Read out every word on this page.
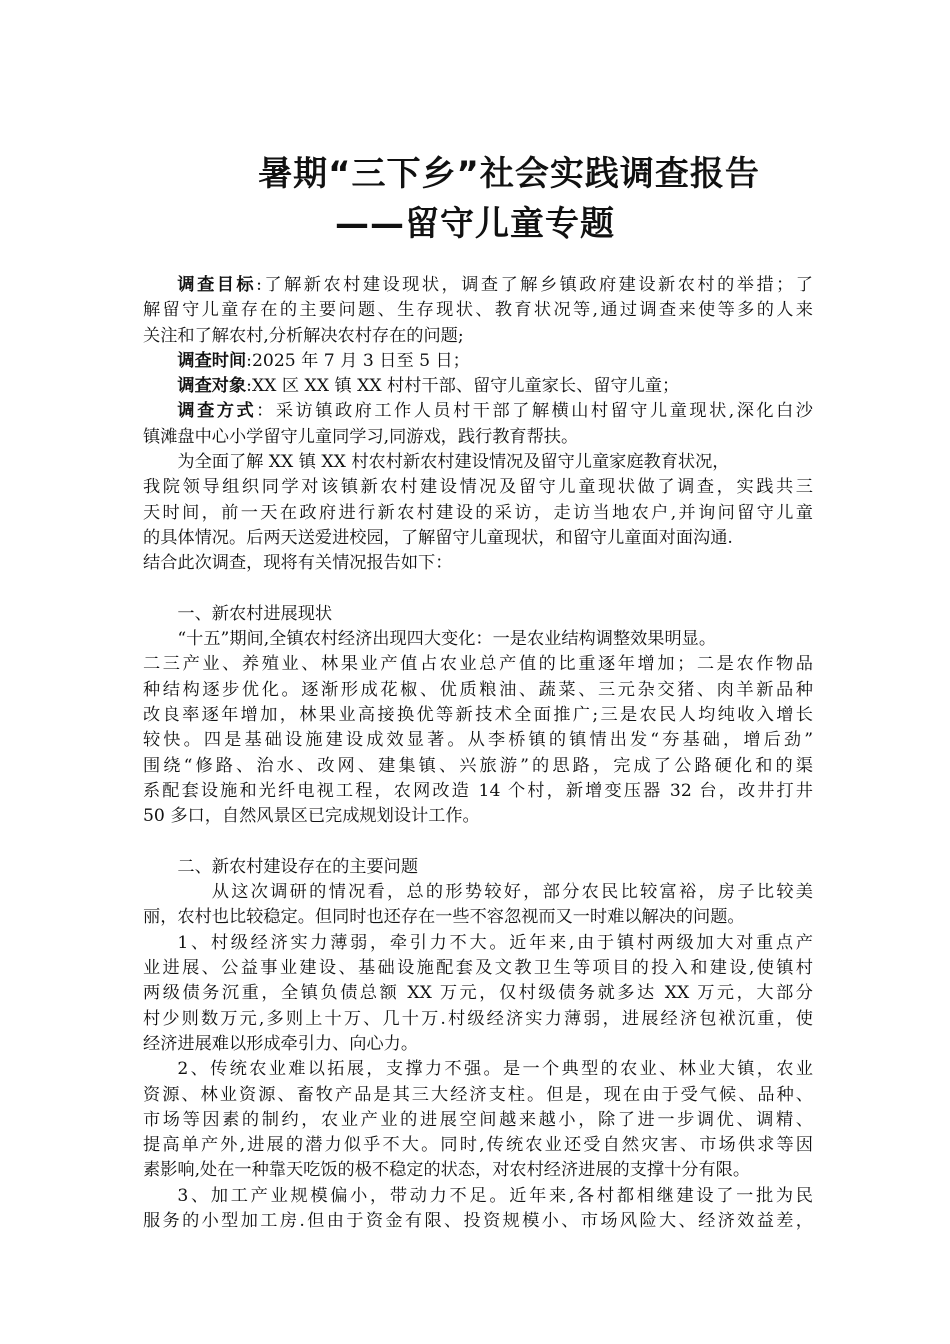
暑期“三下乡”社会实践调查报告
——留守儿童专题
调查目标:了解新农村建设现状，调查了解乡镇政府建设新农村的举措；了
解留守儿童存在的主要问题、生存现状、教育状况等,通过调查来使等多的人来
关注和了解农村,分析解决农村存在的问题;
调查时间:2025 年 7 月 3 日至 5 日；
调查对象:XX 区 XX 镇 XX 村村干部、留守儿童家长、留守儿童；
调查方式：采访镇政府工作人员村干部了解横山村留守儿童现状,深化白沙
镇滩盘中心小学留守儿童同学习,同游戏，践行教育帮扶。
为全面了解 XX 镇 XX 村农村新农村建设情况及留守儿童家庭教育状况，
我院领导组织同学对该镇新农村建设情况及留守儿童现状做了调查，实践共三
天时间，前一天在政府进行新农村建设的采访，走访当地农户,并询问留守儿童
的具体情况。后两天送爱进校园，了解留守儿童现状，和留守儿童面对面沟通.
结合此次调查，现将有关情况报告如下：
一、新农村进展现状
“十五”期间,全镇农村经济出现四大变化：一是农业结构调整效果明显。
二三产业、养殖业、林果业产值占农业总产值的比重逐年增加；二是农作物品
种结构逐步优化。逐渐形成花椒、优质粮油、蔬菜、三元杂交猪、肉羊新品种
改良率逐年增加，林果业高接换优等新技术全面推广;三是农民人均纯收入增长
较快。四是基础设施建设成效显著。从李桥镇的镇情出发“夯基础，增后劲”
围绕“修路、治水、改网、建集镇、兴旅游”的思路，完成了公路硬化和的渠
系配套设施和光纤电视工程，农网改造 14 个村，新增变压器 32 台，改井打井
50 多口，自然风景区已完成规划设计工作。
二、新农村建设存在的主要问题
从这次调研的情况看，总的形势较好，部分农民比较富裕，房子比较美
丽，农村也比较稳定。但同时也还存在一些不容忽视而又一时难以解决的问题。
1、村级经济实力薄弱，牵引力不大。近年来,由于镇村两级加大对重点产
业进展、公益事业建设、基础设施配套及文教卫生等项目的投入和建设,使镇村
两级债务沉重，全镇负债总额 XX 万元，仅村级债务就多达 XX 万元，大部分
村少则数万元,多则上十万、几十万.村级经济实力薄弱，进展经济包袱沉重，使
经济进展难以形成牵引力、向心力。
2、传统农业难以拓展，支撑力不强。是一个典型的农业、林业大镇，农业
资源、林业资源、畜牧产品是其三大经济支柱。但是，现在由于受气候、品种、
市场等因素的制约，农业产业的进展空间越来越小，除了进一步调优、调精、
提高单产外,进展的潜力似乎不大。同时,传统农业还受自然灾害、市场供求等因
素影响,处在一种靠天吃饭的极不稳定的状态，对农村经济进展的支撑十分有限。
3、加工产业规模偏小，带动力不足。近年来,各村都相继建设了一批为民
服务的小型加工房.但由于资金有限、投资规模小、市场风险大、经济效益差，
